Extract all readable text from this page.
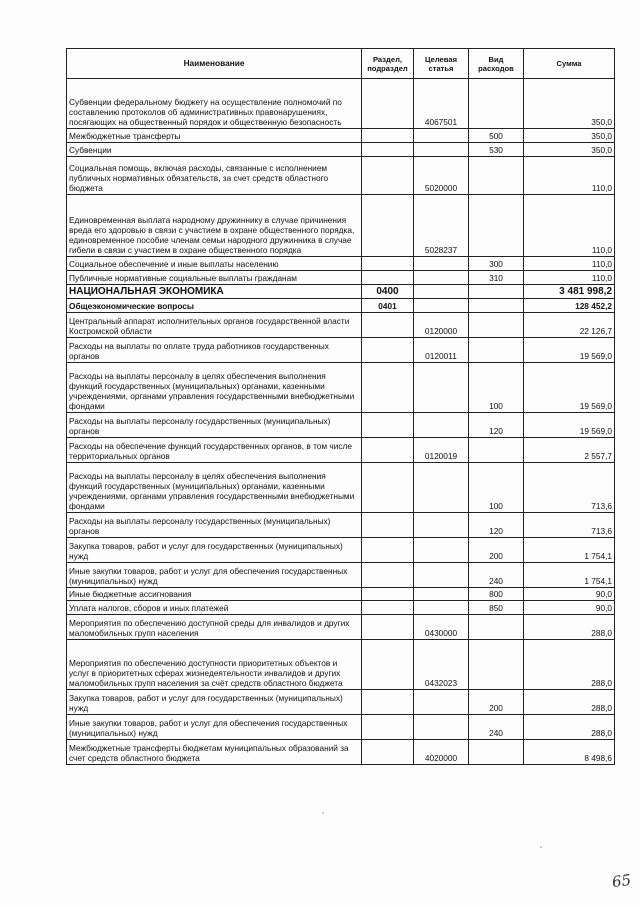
Наименование	Раздел, подраздел	Целевая статья	Вид расходов	Сумма
Субвенции федеральному бюджету на осуществление полномочий по составлению протоколов об административных правонарушениях, посягающих на общественный порядок и общественную безопасность		4067501		350,0
Межбюджетные трансферты			500	350,0
Субвенции			530	350,0
Социальная помощь, включая расходы, связанные с исполнением публичных нормативных обязательств, за счет средств областного бюджета		5020000		110,0
Единовременная выплата народному дружиннику в случае причинения вреда его здоровью в связи с участием в охране общественного порядка, единовременное пособие членам семьи народного дружинника в случае гибели в связи с участием в охране общественного порядка		5028237		110,0
Социальное обеспечение и иные выплаты населению			300	110,0
Публичные нормативные социальные выплаты гражданам			310	110,0
НАЦИОНАЛЬНАЯ ЭКОНОМИКА	0400			3 481 998,2
Общеэкономические вопросы	0401			128 452,2
Центральный аппарат исполнительных органов государственной власти Костромской области		0120000		22 126,7
Расходы на выплаты по оплате труда работников государственных органов		0120011		19 569,0
Расходы на выплаты персоналу в целях обеспечения выполнения функций государственных (муниципальных) органами, казенными учреждениями, органами управления государственными внебюджетными фондами			100	19 569,0
Расходы на выплаты персоналу государственных (муниципальных) органов			120	19 569,0
Расходы на обеспечение функций государственных органов, в том числе территориальных органов		0120019		2 557,7
Расходы на выплаты персоналу в целях обеспечения выполнения функций государственных (муниципальных) органами, казенными учреждениями, органами управления государственными внебюджетными фондами			100	713,6
Расходы на выплаты персоналу государственных (муниципальных) органов			120	713,6
Закупка товаров, работ и услуг для государственных (муниципальных) нужд			200	1 754,1
Иные закупки товаров, работ и услуг для обеспечения государственных (муниципальных) нужд			240	1 754,1
Иные бюджетные ассигнования			800	90,0
Уплата налогов, сборов и иных платежей			850	90,0
Мероприятия по обеспечению доступной среды для инвалидов и других маломобильных групп населения		0430000		288,0
Мероприятия по обеспечению доступности приоритетных объектов и услуг в приоритетных сферах жизнедеятельности инвалидов и других маломобильных групп населения за счёт средств областного бюджета		0432023		288,0
Закупка товаров, работ и услуг для государственных (муниципальных) нужд			200	288,0
Иные закупки товаров, работ и услуг для обеспечения государственных (муниципальных) нужд			240	288,0
Межбюджетные трансферты бюджетам муниципальных образований за счет средств областного бюджета		4020000		8 498,6
65
